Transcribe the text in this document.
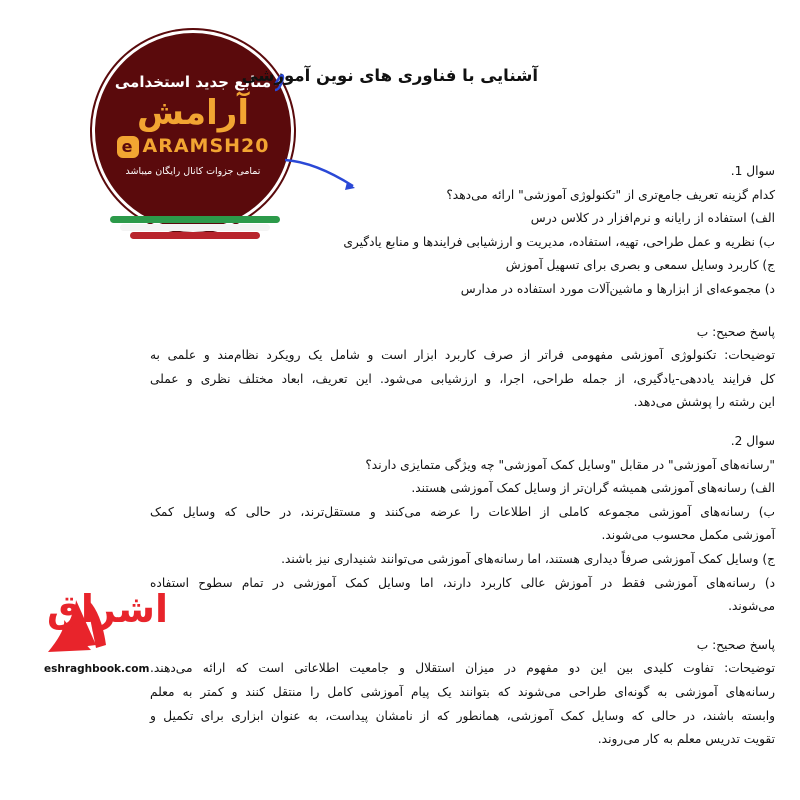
منابع جدید استخدامی
آرامش
e ARAMSH20
تمامی جزوات کانال رایگان میباشد
آشنایی با فناوری های نوین آموزشی
سوال 1.
کدام گزینه تعریف جامع‌تری از "تکنولوژی آموزشی" ارائه می‌دهد؟
الف) استفاده از رایانه و نرم‌افزار در کلاس درس
ب) نظریه و عمل طراحی، تهیه، استفاده، مدیریت و ارزشیابی فرایندها و منابع یادگیری
ج) کاربرد وسایل سمعی و بصری برای تسهیل آموزش
د) مجموعه‌ای از ابزارها و ماشین‌آلات مورد استفاده در مدارس
پاسخ صحیح: ب
توضیحات: تکنولوژی آموزشی مفهومی فراتر از صرف کاربرد ابزار است و شامل یک رویکرد نظام‌مند و علمی به
کل فرایند یاددهی-یادگیری، از جمله طراحی، اجرا، و ارزشیابی می‌شود. این تعریف، ابعاد مختلف نظری و عملی
این رشته را پوشش می‌دهد.
سوال 2.
"رسانه‌های آموزشی" در مقابل "وسایل کمک آموزشی" چه ویژگی متمایزی دارند؟
الف) رسانه‌های آموزشی همیشه گران‌تر از وسایل کمک آموزشی هستند.
ب) رسانه‌های آموزشی مجموعه کاملی از اطلاعات را عرضه می‌کنند و مستقل‌ترند، در حالی که وسایل کمک
آموزشی مکمل محسوب می‌شوند.
ج) وسایل کمک آموزشی صرفاً دیداری هستند، اما رسانه‌های آموزشی می‌توانند شنیداری نیز باشند.
د) رسانه‌های آموزشی فقط در آموزش عالی کاربرد دارند، اما وسایل کمک آموزشی در تمام سطوح استفاده
می‌شوند.
پاسخ صحیح: ب
توضیحات: تفاوت کلیدی بین این دو مفهوم در میزان استقلال و جامعیت اطلاعاتی است که ارائه می‌دهند.
رسانه‌های آموزشی به گونه‌ای طراحی می‌شوند که بتوانند یک پیام آموزشی کامل را منتقل کنند و کمتر به معلم
وابسته باشند، در حالی که وسایل کمک آموزشی، همانطور که از نامشان پیداست، به عنوان ابزاری برای تکمیل و
تقویت تدریس معلم به کار می‌روند.
اشراق
eshraghbook.com
